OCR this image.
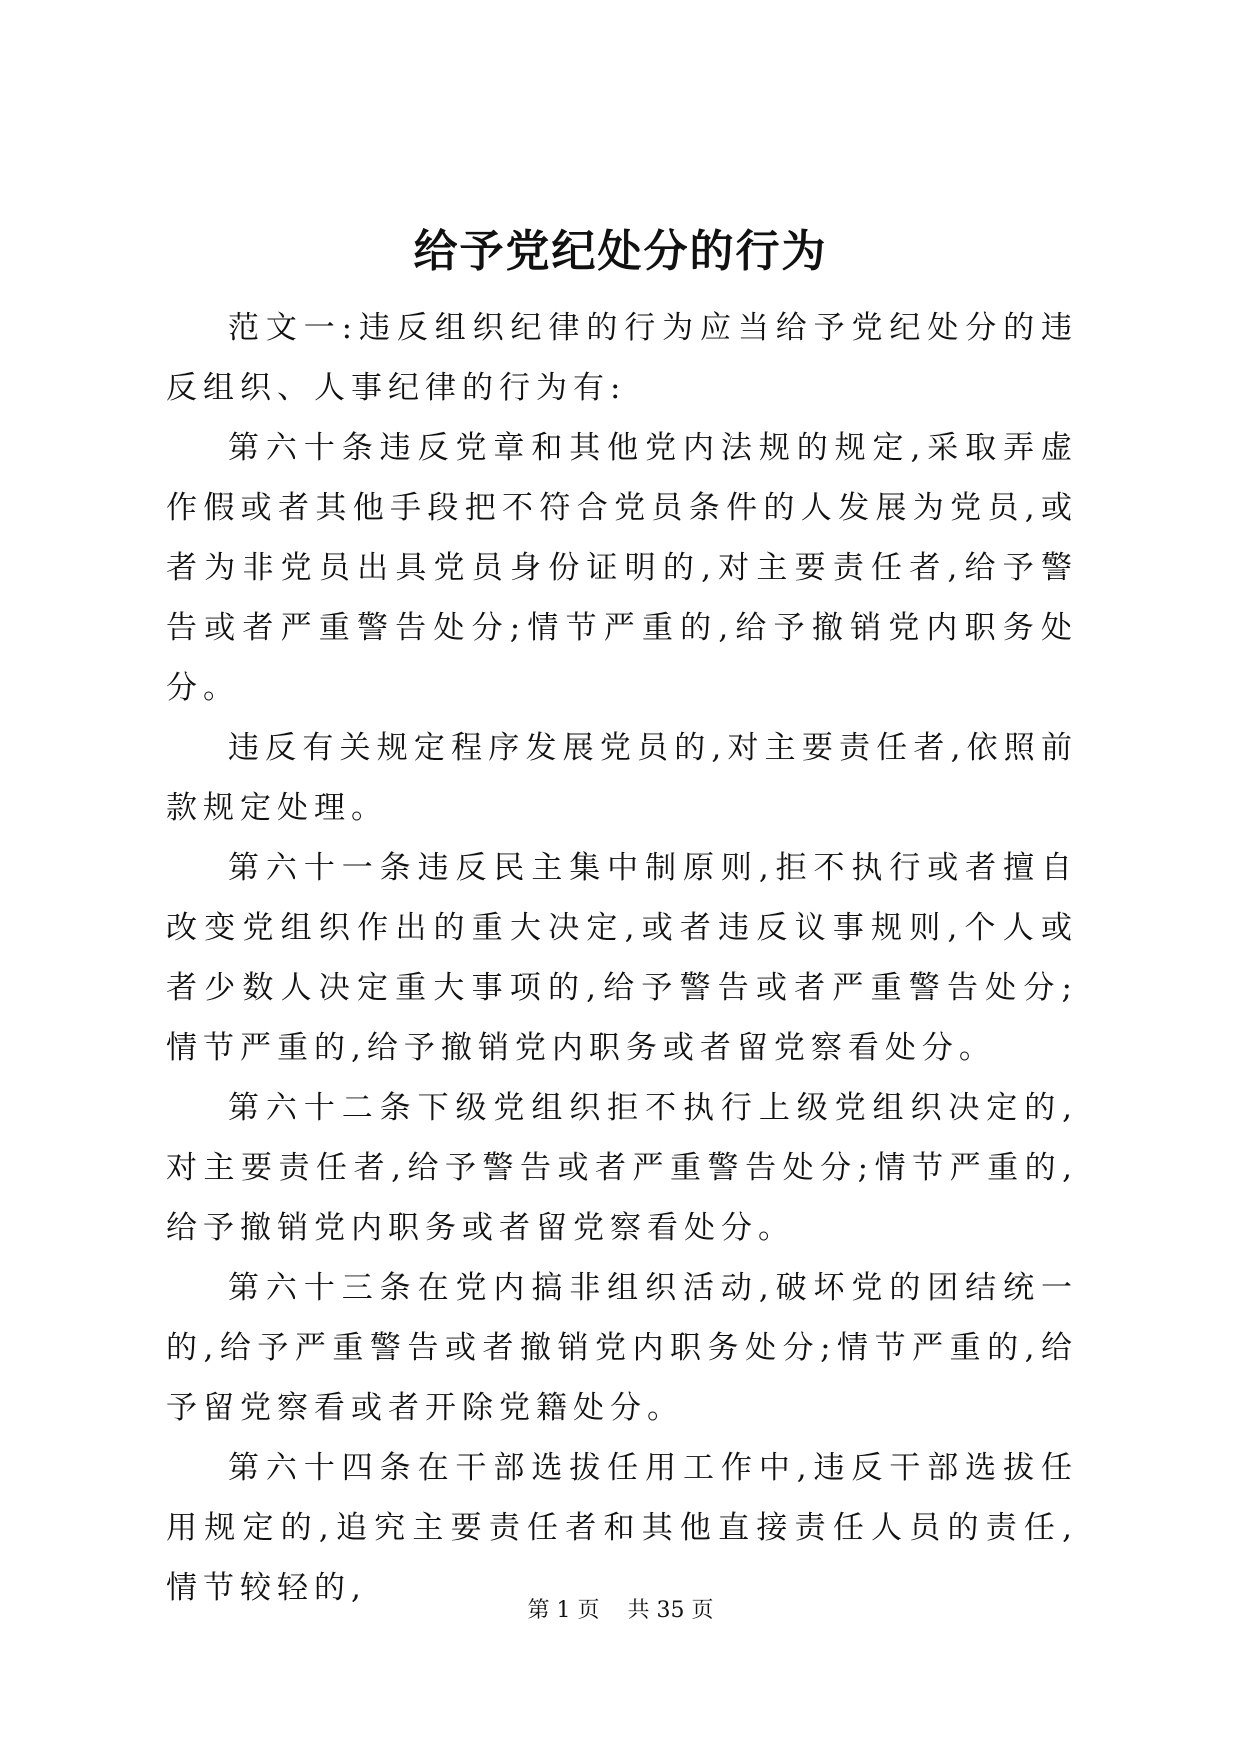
给予党纪处分的行为

范文一:违反组织纪律的行为应当给予党纪处分的违反组织、人事纪律的行为有:

第六十条违反党章和其他党内法规的规定,采取弄虚作假或者其他手段把不符合党员条件的人发展为党员,或者为非党员出具党员身份证明的,对主要责任者,给予警告或者严重警告处分;情节严重的,给予撤销党内职务处分。

违反有关规定程序发展党员的,对主要责任者,依照前款规定处理。

第六十一条违反民主集中制原则,拒不执行或者擅自改变党组织作出的重大决定,或者违反议事规则,个人或者少数人决定重大事项的,给予警告或者严重警告处分;情节严重的,给予撤销党内职务或者留党察看处分。

第六十二条下级党组织拒不执行上级党组织决定的,对主要责任者,给予警告或者严重警告处分;情节严重的,给予撤销党内职务或者留党察看处分。

第六十三条在党内搞非组织活动,破坏党的团结统一的,给予严重警告或者撤销党内职务处分;情节严重的,给予留党察看或者开除党籍处分。

第六十四条在干部选拔任用工作中,违反干部选拔任用规定的,追究主要责任者和其他直接责任人员的责任,情节较轻的,

第 1 页 共 35 页
